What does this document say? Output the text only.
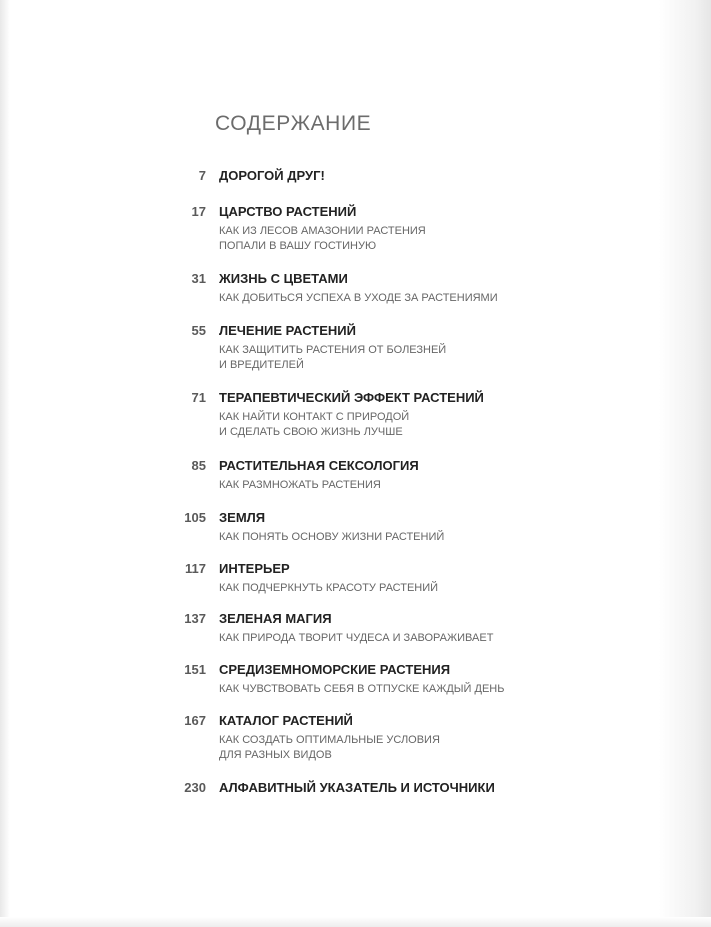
СОДЕРЖАНИЕ
7 ДОРОГОЙ ДРУГ!
17 ЦАРСТВО РАСТЕНИЙ
КАК ИЗ ЛЕСОВ АМАЗОНИИ РАСТЕНИЯ
ПОПАЛИ В ВАШУ ГОСТИНУЮ
31 ЖИЗНЬ С ЦВЕТАМИ
КАК ДОБИТЬСЯ УСПЕХА В УХОДЕ ЗА РАСТЕНИЯМИ
55 ЛЕЧЕНИЕ РАСТЕНИЙ
КАК ЗАЩИТИТЬ РАСТЕНИЯ ОТ БОЛЕЗНЕЙ
И ВРЕДИТЕЛЕЙ
71 ТЕРАПЕВТИЧЕСКИЙ ЭФФЕКТ РАСТЕНИЙ
КАК НАЙТИ КОНТАКТ С ПРИРОДОЙ
И СДЕЛАТЬ СВОЮ ЖИЗНЬ ЛУЧШЕ
85 РАСТИТЕЛЬНАЯ СЕКСОЛОГИЯ
КАК РАЗМНОЖАТЬ РАСТЕНИЯ
105 ЗЕМЛЯ
КАК ПОНЯТЬ ОСНОВУ ЖИЗНИ РАСТЕНИЙ
117 ИНТЕРЬЕР
КАК ПОДЧЕРКНУТЬ КРАСОТУ РАСТЕНИЙ
137 ЗЕЛЕНАЯ МАГИЯ
КАК ПРИРОДА ТВОРИТ ЧУДЕСА И ЗАВОРАЖИВАЕТ
151 СРЕДИЗЕМНОМОРСКИЕ РАСТЕНИЯ
КАК ЧУВСТВОВАТЬ СЕБЯ В ОТПУСКЕ КАЖДЫЙ ДЕНЬ
167 КАТАЛОГ РАСТЕНИЙ
КАК СОЗДАТЬ ОПТИМАЛЬНЫЕ УСЛОВИЯ
ДЛЯ РАЗНЫХ ВИДОВ
230 АЛФАВИТНЫЙ УКАЗАТЕЛЬ И ИСТОЧНИКИ
